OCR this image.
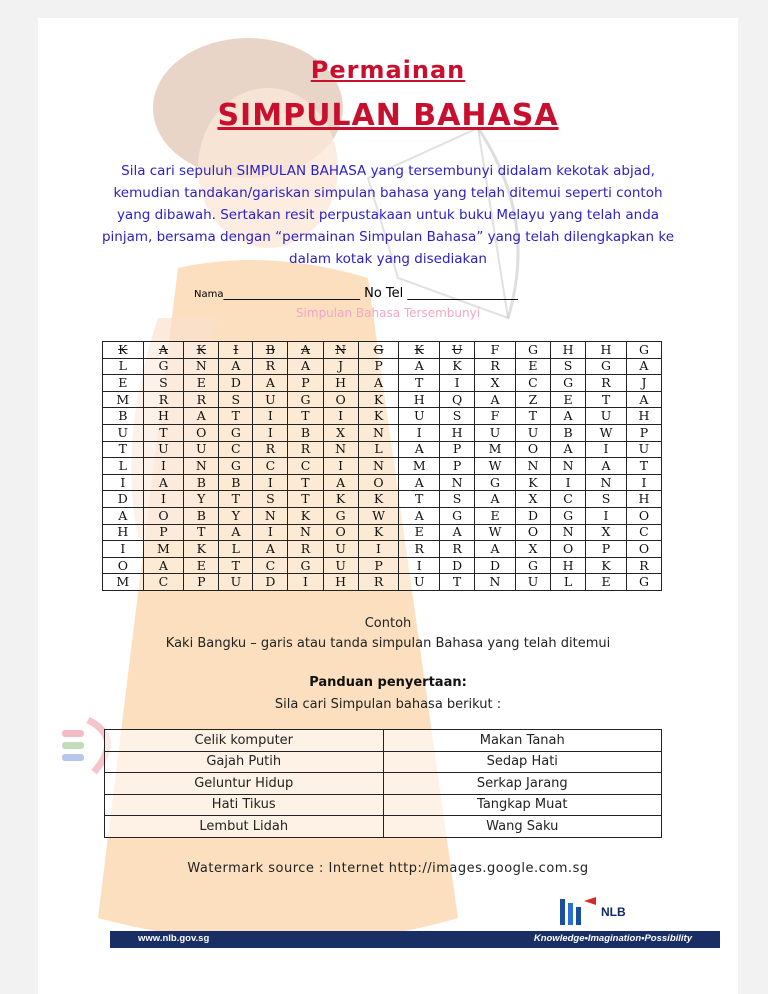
Permainan
SIMPULAN BAHASA
Sila cari sepuluh SIMPULAN BAHASA yang tersembunyi didalam kekotak abjad, kemudian tandakan/gariskan simpulan bahasa yang telah ditemui seperti contoh yang dibawah. Sertakan resit perpustakaan untuk buku Melayu yang telah anda pinjam, bersama dengan “permainan Simpulan Bahasa” yang telah dilengkapkan ke dalam kotak yang disediakan
Nama_____________________ No Tel _________________
Simpulan Bahasa Tersembunyi
K	A	K	I	B	A	N	G	K	U	F	G	H	H	G
L	G	N	A	R	A	J	P	A	K	R	E	S	G	A
E	S	E	D	A	P	H	A	T	I	X	C	G	R	J
M	R	R	S	U	G	O	K	H	Q	A	Z	E	T	A
B	H	A	T	I	T	I	K	U	S	F	T	A	U	H
U	T	O	G	I	B	X	N	I	H	U	U	B	W	P
T	U	U	C	R	R	N	L	A	P	M	O	A	I	U
L	I	N	G	C	C	I	N	M	P	W	N	N	A	T
I	A	B	B	I	T	A	O	A	N	G	K	I	N	I
D	I	Y	T	S	T	K	K	T	S	A	X	C	S	H
A	O	B	Y	N	K	G	W	A	G	E	D	G	I	O
H	P	T	A	I	N	O	K	E	A	W	O	N	X	C
I	M	K	L	A	R	U	I	R	R	A	X	O	P	O
O	A	E	T	C	G	U	P	I	D	D	G	H	K	R
M	C	P	U	D	I	H	R	U	T	N	U	L	E	G
Contoh
Kaki Bangku – garis atau tanda simpulan Bahasa yang telah ditemui
Panduan penyertaan:
Sila cari Simpulan bahasa berikut :
Celik komputer	Makan Tanah
Gajah Putih	Sedap Hati
Geluntur Hidup	Serkap Jarang
Hati Tikus	Tangkap Muat
Lembut Lidah	Wang Saku
Watermark source : Internet http://images.google.com.sg
NLB
www.nlb.gov.sg	Knowledge•Imagination•Possibility
